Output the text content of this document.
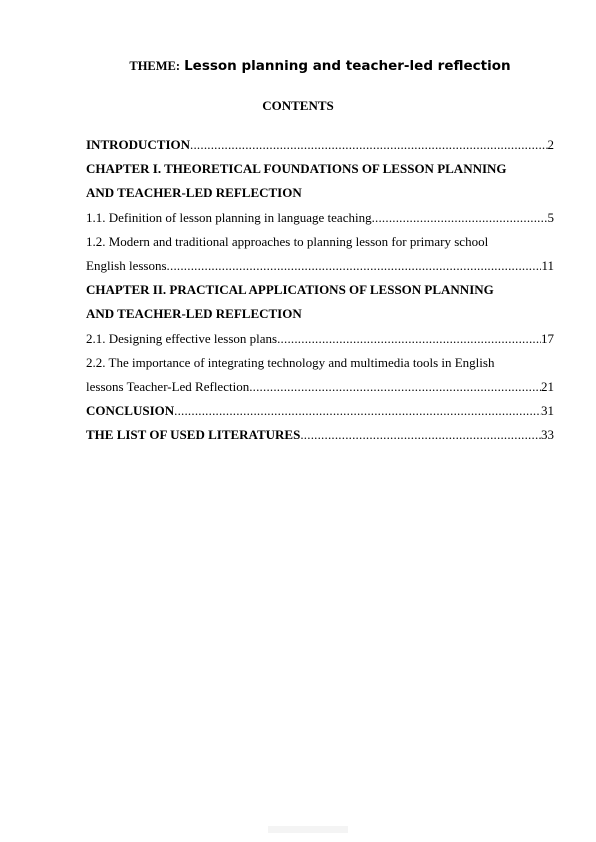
THEME: Lesson planning and teacher-led reflection
CONTENTS
INTRODUCTION .....	2
CHAPTER I. THEORETICAL FOUNDATIONS OF LESSON PLANNING
AND TEACHER-LED REFLECTION
1.1. Definition of lesson planning in language teaching .....	5
1.2. Modern and traditional approaches to planning lesson for primary school
English lessons .....	11
CHAPTER II. PRACTICAL APPLICATIONS OF LESSON PLANNING
AND TEACHER-LED REFLECTION
2.1. Designing effective lesson plans .....	17
2.2. The importance of integrating technology and multimedia tools in English
lessons Teacher-Led Reflection .....	21
CONCLUSION .....	31
THE LIST OF USED LITERATURES .....	33
